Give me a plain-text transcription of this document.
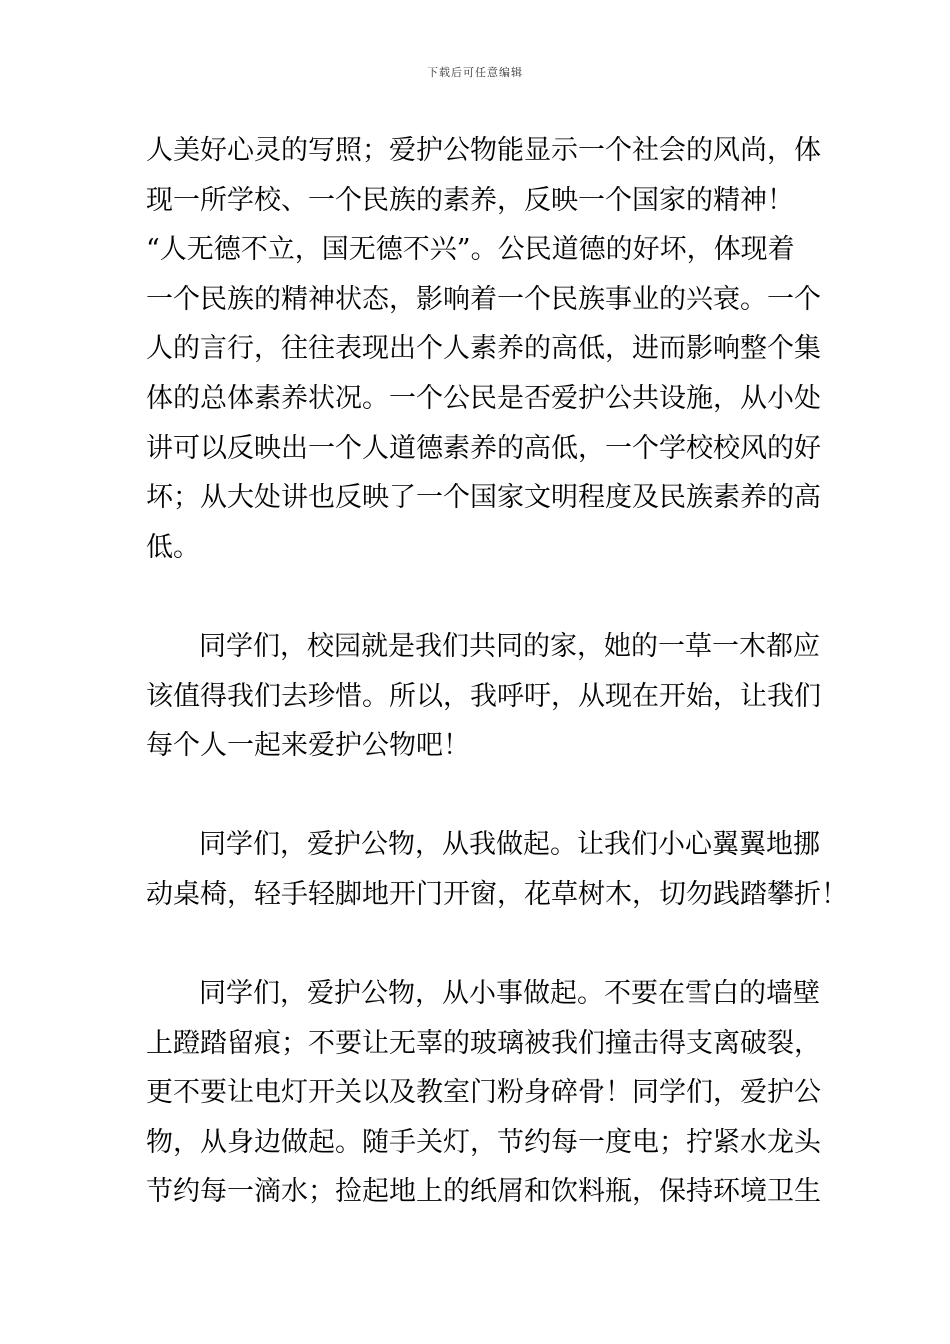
下载后可任意编辑
人美好心灵的写照；爱护公物能显示一个社会的风尚，体
现一所学校、一个民族的素养，反映一个国家的精神！
“人无德不立，国无德不兴”。公民道德的好坏，体现着
一个民族的精神状态，影响着一个民族事业的兴衰。一个
人的言行，往往表现出个人素养的高低，进而影响整个集
体的总体素养状况。一个公民是否爱护公共设施，从小处
讲可以反映出一个人道德素养的高低，一个学校校风的好
坏；从大处讲也反映了一个国家文明程度及民族素养的高
低。
同学们，校园就是我们共同的家，她的一草一木都应
该值得我们去珍惜。所以，我呼吁，从现在开始，让我们
每个人一起来爱护公物吧！
同学们，爱护公物，从我做起。让我们小心翼翼地挪
动桌椅，轻手轻脚地开门开窗，花草树木，切勿践踏攀折！
同学们，爱护公物，从小事做起。不要在雪白的墙壁
上蹬踏留痕；不要让无辜的玻璃被我们撞击得支离破裂，
更不要让电灯开关以及教室门粉身碎骨！同学们，爱护公
物，从身边做起。随手关灯，节约每一度电；拧紧水龙头
节约每一滴水；捡起地上的纸屑和饮料瓶，保持环境卫生
